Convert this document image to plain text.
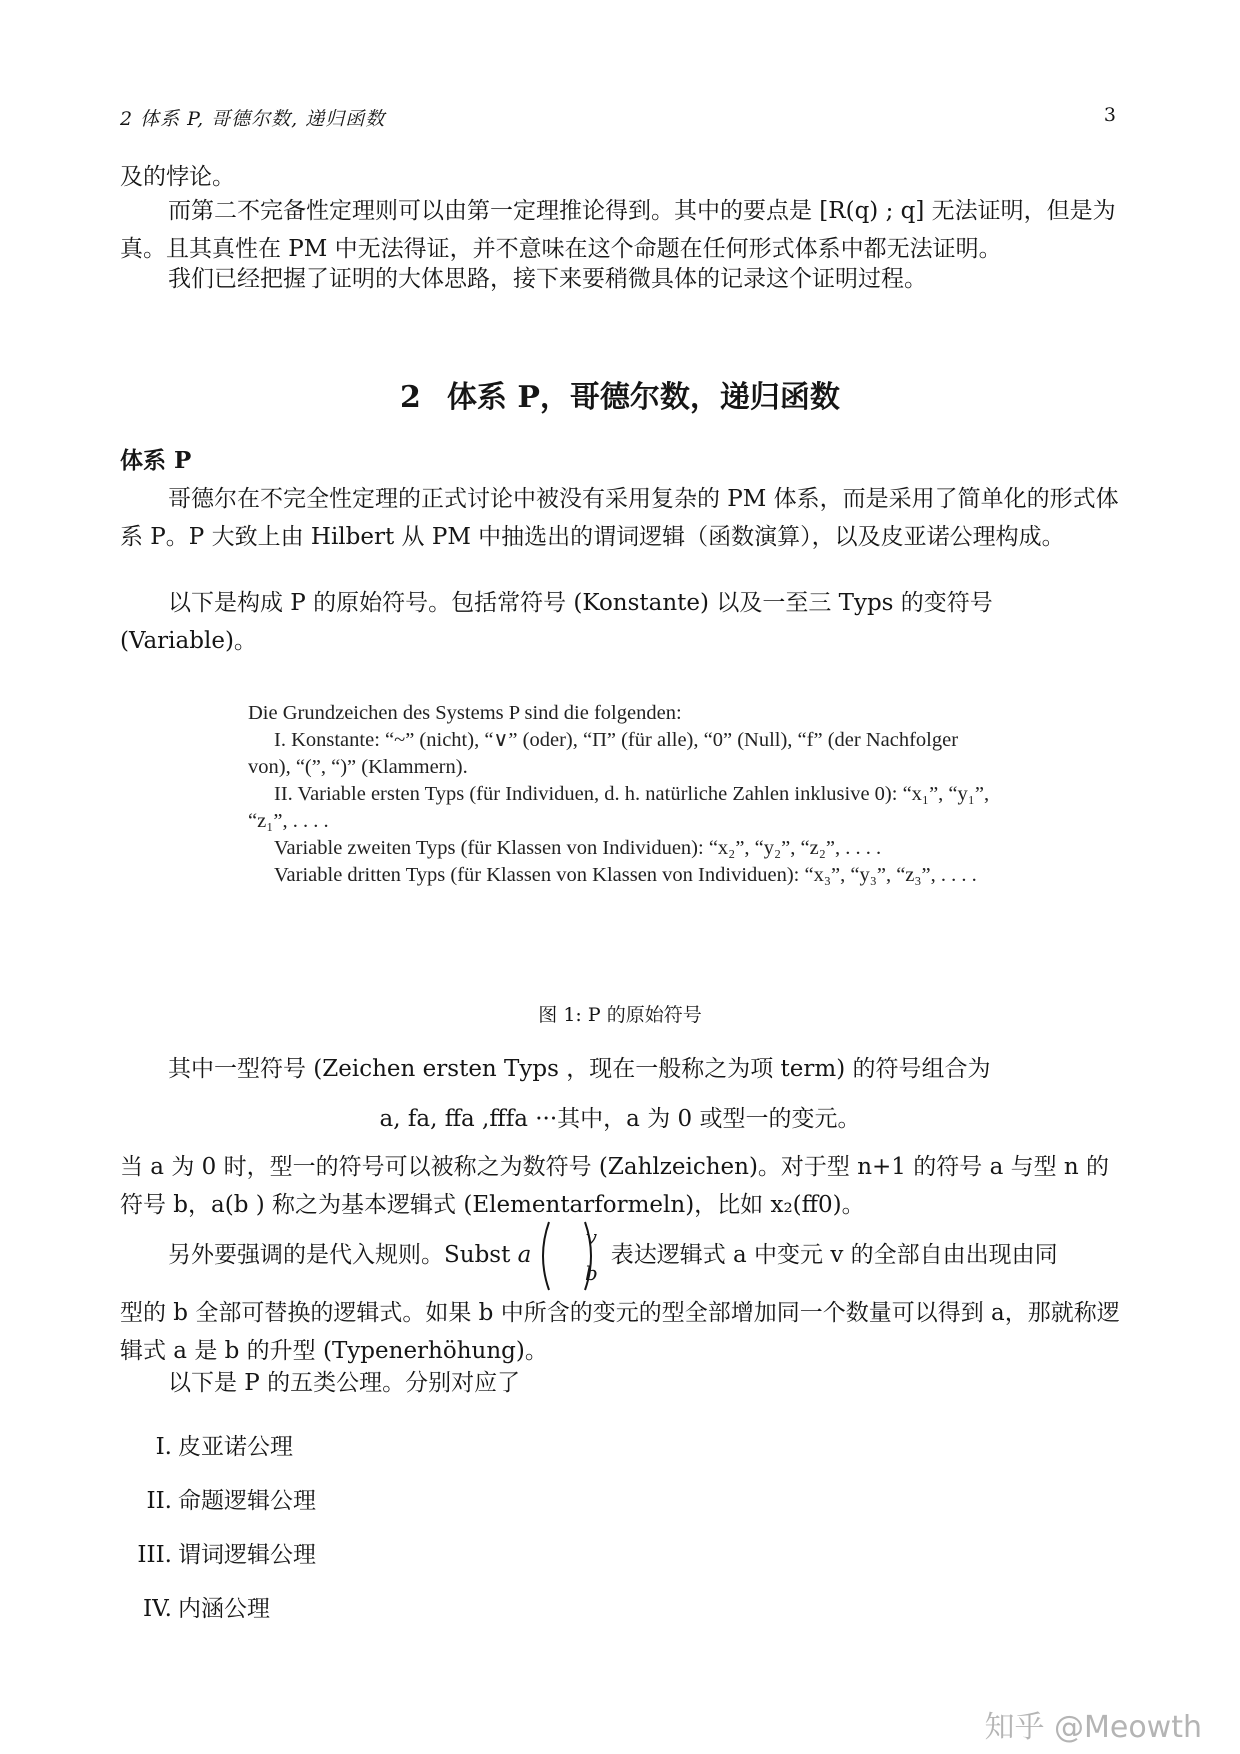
2 体系 P, 哥德尔数, 递归函数	3

及的悖论。

而第二不完备性定理则可以由第一定理推论得到。其中的要点是 [R(q) ; q] 无法证明，但是为真。且其真性在 PM 中无法得证，并不意味在这个命题在任何形式体系中都无法证明。

我们已经把握了证明的大体思路，接下来要稍微具体的记录这个证明过程。

2 体系 P，哥德尔数，递归函数
体系 P

哥德尔在不完全性定理的正式讨论中被没有采用复杂的 PM 体系，而是采用了简单化的形式体系 P。P 大致上由 Hilbert 从 PM 中抽选出的谓词逻辑（函数演算），以及皮亚诺公理构成。

以下是构成 P 的原始符号。包括常符号 (Konstante) 以及一至三 Typs 的变符号 (Variable)。

Die Grundzeichen des Systems P sind die folgenden:

I. Konstante: “~” (nicht), “∨” (oder), “Π” (für alle), “0” (Null), “f” (der Nachfolger von), “(”, “)” (Klammern).

II. Variable ersten Typs (für Individuen, d. h. natürliche Zahlen inklusive 0): “x₁”, “y₁”, “z₁”, . . . .

Variable zweiten Typs (für Klassen von Individuen): “x₂”, “y₂”, “z₂”, . . . .

Variable dritten Typs (für Klassen von Klassen von Individuen): “x₃”, “y₃”, “z₃”, . . . .

图 1: P 的原始符号

其中一型符号 (Zeichen ersten Typs ，现在一般称之为项 term) 的符号组合为

a, fa, ffa ,fffa ···其中，a 为 0 或型一的变元。

当 a 为 0 时，型一的符号可以被称之为数符号 (Zahlzeichen)。对于型 n+1 的符号 a 与型 n 的符号 b，a(b ) 称之为基本逻辑式 (Elementarformeln)，比如 x₂(ff0)。

另外要强调的是代入规则。Subst a
v
b
表达逻辑式 a 中变元 v 的全部自由出现由同

型的 b 全部可替换的逻辑式。如果 b 中所含的变元的型全部增加同一个数量可以得到 a，那就称逻辑式 a 是 b 的升型 (Typenerhöhung)。

以下是 P 的五类公理。分别对应了

I. 皮亚诺公理
II. 命题逻辑公理
III. 谓词逻辑公理
IV. 内涵公理
知乎 @Meowth
